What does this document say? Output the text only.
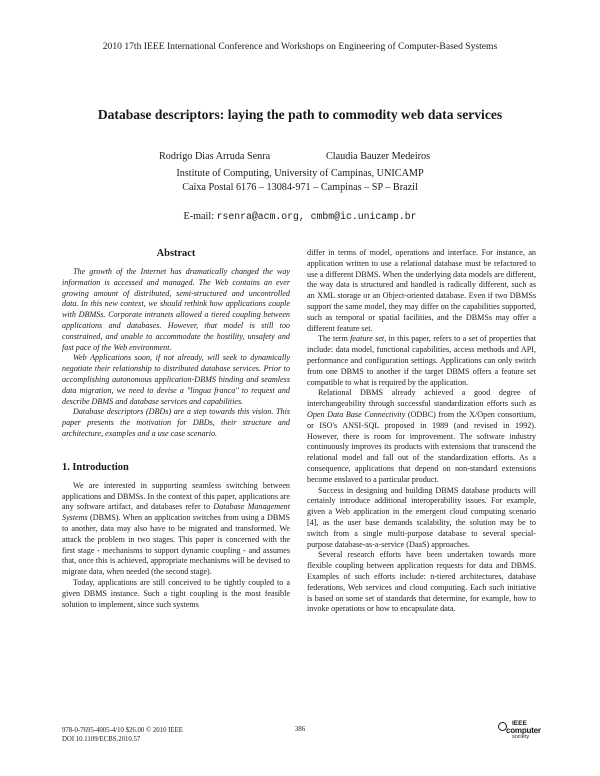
2010 17th IEEE International Conference and Workshops on Engineering of Computer-Based Systems
Database descriptors: laying the path to commodity web data services
Rodrigo Dias Arruda Senra	Claudia Bauzer Medeiros
Institute of Computing, University of Campinas, UNICAMP
Caixa Postal 6176 – 13084-971 – Campinas – SP – Brazil
E-mail: rsenra@acm.org, cmbm@ic.unicamp.br
Abstract

The growth of the Internet has dramatically changed the way information is accessed and managed. The Web contains an ever growing amount of distributed, semi-structured and uncontrolled data. In this new context, we should rethink how applications couple with DBMSs. Corporate intranets allowed a tiered coupling between applications and databases. However, that model is still too constrained, and unable to accommodate the hostility, unsafety and fast pace of the Web environment.

Web Applications soon, if not already, will seek to dynamically negotiate their relationship to distributed database services. Prior to accomplishing autonomous application-DBMS binding and seamless data migration, we need to devise a "lingua franca" to request and describe DBMS and database services and capabilities.

Database descriptors (DBDs) are a step towards this vision. This paper presents the motivation for DBDs, their structure and architecture, examples and a use case scenario.

1. Introduction

We are interested in supporting seamless switching between applications and DBMSs. In the context of this paper, applications are any software artifact, and databases refer to Database Management Systems (DBMS). When an application switches from using a DBMS to another, data may also have to be migrated and transformed. We attack the problem in two stages. This paper is concerned with the first stage - mechanisms to support dynamic coupling - and assumes that, once this is achieved, appropriate mechanisms will be devised to migrate data, when needed (the second stage).

Today, applications are still conceived to be tightly coupled to a given DBMS instance. Such a tight coupling is the most feasible solution to implement, since such systems

differ in terms of model, operations and interface. For instance, an application written to use a relational database must be refactored to use a different DBMS. When the underlying data models are different, the way data is structured and handled is radically different, such as an XML storage or an Object-oriented database. Even if two DBMSs support the same model, they may differ on the capabilities supported, such as temporal or spatial facilities, and the DBMSs may offer a different feature set.

The term feature set, in this paper, refers to a set of properties that include: data model, functional capabilities, access methods and API, performance and configuration settings. Applications can only switch from one DBMS to another if the target DBMS offers a feature set compatible to what is required by the application.

Relational DBMS already achieved a good degree of interchangeability through successful standardization efforts such as Open Data Base Connectivity (ODBC) from the X/Open consortium, or ISO's ANSI-SQL proposed in 1989 (and revised in 1992). However, there is room for improvement. The software industry continuously improves its products with extensions that transcend the relational model and fall out of the standardization efforts. As a consequence, applications that depend on non-standard extensions become enslaved to a particular product.

Success in designing and building DBMS database products will certainly introduce additional interoperability issues. For example, given a Web application in the emergent cloud computing scenario [4], as the user base demands scalability, the solution may be to switch from a single multi-purpose database to several special-purpose database-as-a-service (DaaS) approaches.

Several research efforts have been undertaken towards more flexible coupling between application requests for data and DBMS. Examples of such efforts include: n-tiered architectures, database federations, Web services and cloud computing. Each such initiative is based on some set of standards that determine, for example, how to invoke operations or how to encapsulate data.

978-0-7695-4005-4/10 $26.00 © 2010 IEEE
DOI 10.1109/ECBS.2010.57
386
IEEE
computer
society
